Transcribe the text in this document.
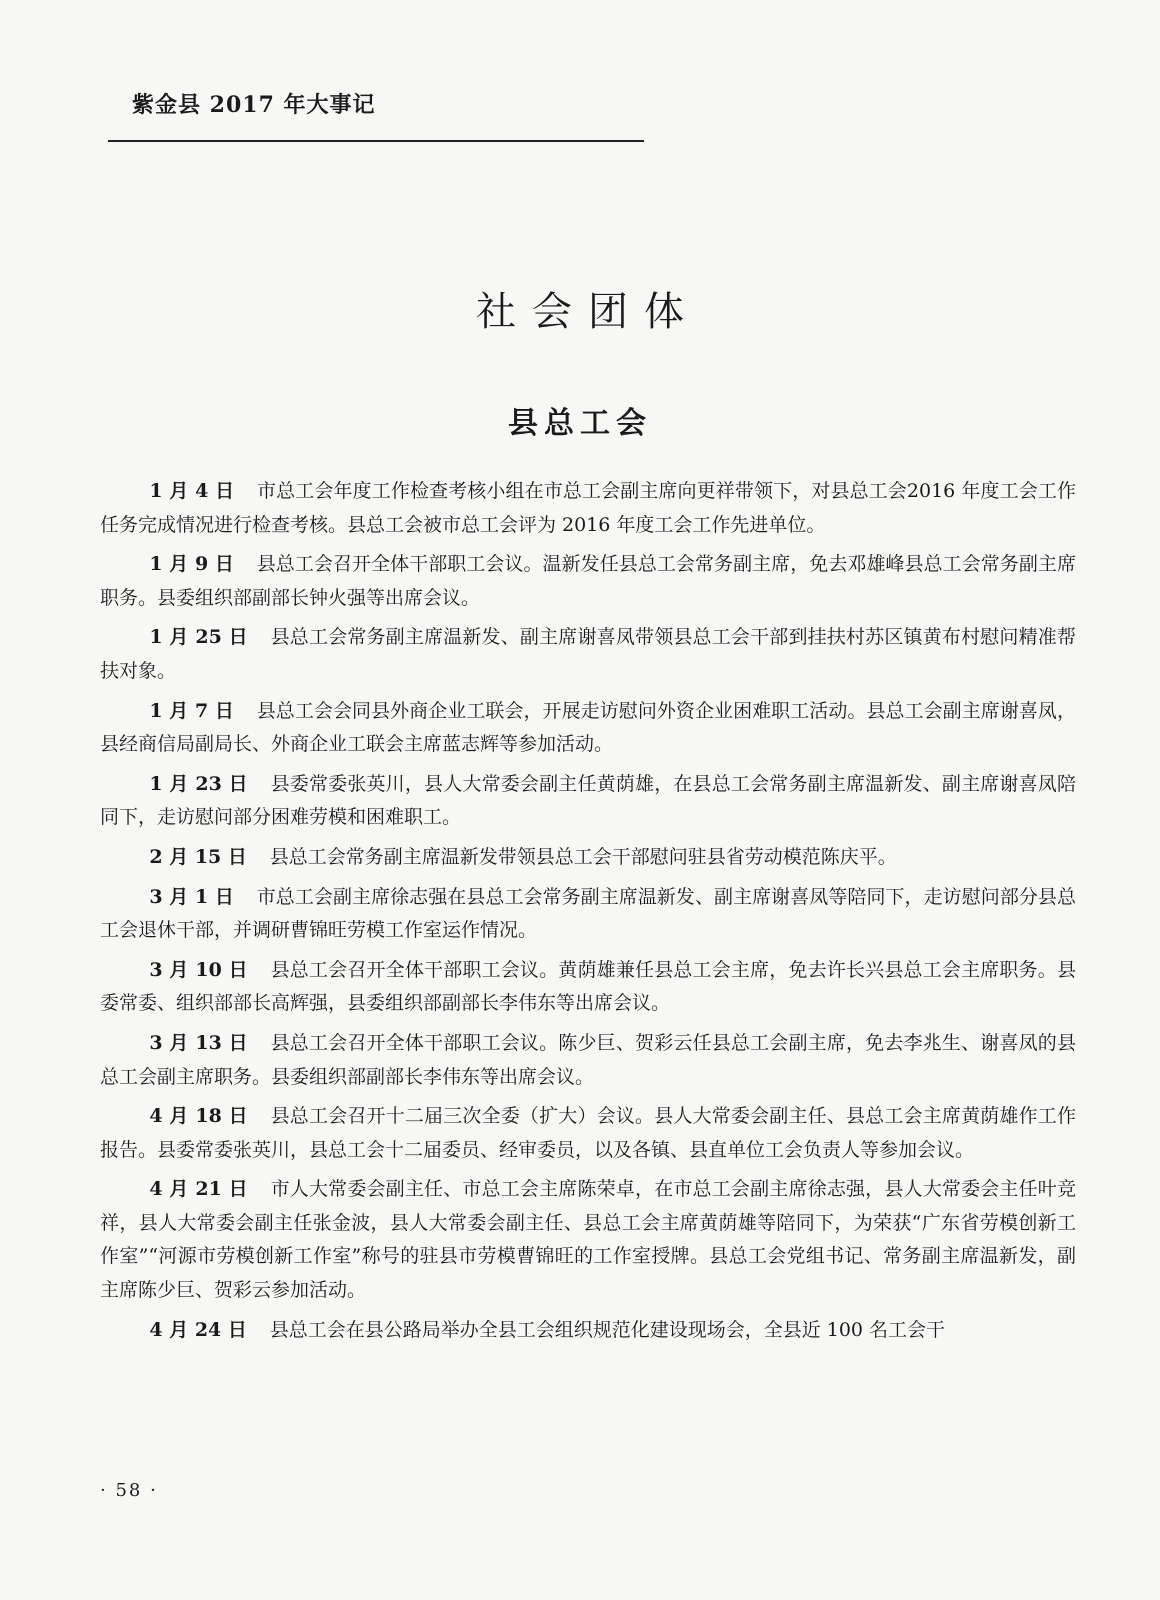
紫金县 2017 年大事记
社会团体
县总工会

1 月 4 日 市总工会年度工作检查考核小组在市总工会副主席向更祥带领下，对县总工会2016 年度工会工作任务完成情况进行检查考核。县总工会被市总工会评为 2016 年度工会工作先进单位。

1 月 9 日 县总工会召开全体干部职工会议。温新发任县总工会常务副主席，免去邓雄峰县总工会常务副主席职务。县委组织部副部长钟火强等出席会议。

1 月 25 日 县总工会常务副主席温新发、副主席谢喜凤带领县总工会干部到挂扶村苏区镇黄布村慰问精准帮扶对象。

1 月 7 日 县总工会会同县外商企业工联会，开展走访慰问外资企业困难职工活动。县总工会副主席谢喜凤，县经商信局副局长、外商企业工联会主席蓝志辉等参加活动。

1 月 23 日 县委常委张英川，县人大常委会副主任黄荫雄，在县总工会常务副主席温新发、副主席谢喜凤陪同下，走访慰问部分困难劳模和困难职工。

2 月 15 日 县总工会常务副主席温新发带领县总工会干部慰问驻县省劳动模范陈庆平。

3 月 1 日 市总工会副主席徐志强在县总工会常务副主席温新发、副主席谢喜凤等陪同下，走访慰问部分县总工会退休干部，并调研曹锦旺劳模工作室运作情况。

3 月 10 日 县总工会召开全体干部职工会议。黄荫雄兼任县总工会主席，免去许长兴县总工会主席职务。县委常委、组织部部长高辉强，县委组织部副部长李伟东等出席会议。

3 月 13 日 县总工会召开全体干部职工会议。陈少巨、贺彩云任县总工会副主席，免去李兆生、谢喜凤的县总工会副主席职务。县委组织部副部长李伟东等出席会议。

4 月 18 日 县总工会召开十二届三次全委（扩大）会议。县人大常委会副主任、县总工会主席黄荫雄作工作报告。县委常委张英川，县总工会十二届委员、经审委员，以及各镇、县直单位工会负责人等参加会议。

4 月 21 日 市人大常委会副主任、市总工会主席陈荣卓，在市总工会副主席徐志强，县人大常委会主任叶竞祥，县人大常委会副主任张金波，县人大常委会副主任、县总工会主席黄荫雄等陪同下，为荣获“广东省劳模创新工作室”“河源市劳模创新工作室”称号的驻县市劳模曹锦旺的工作室授牌。县总工会党组书记、常务副主席温新发，副主席陈少巨、贺彩云参加活动。

4 月 24 日 县总工会在县公路局举办全县工会组织规范化建设现场会，全县近 100 名工会干

· 58 ·
